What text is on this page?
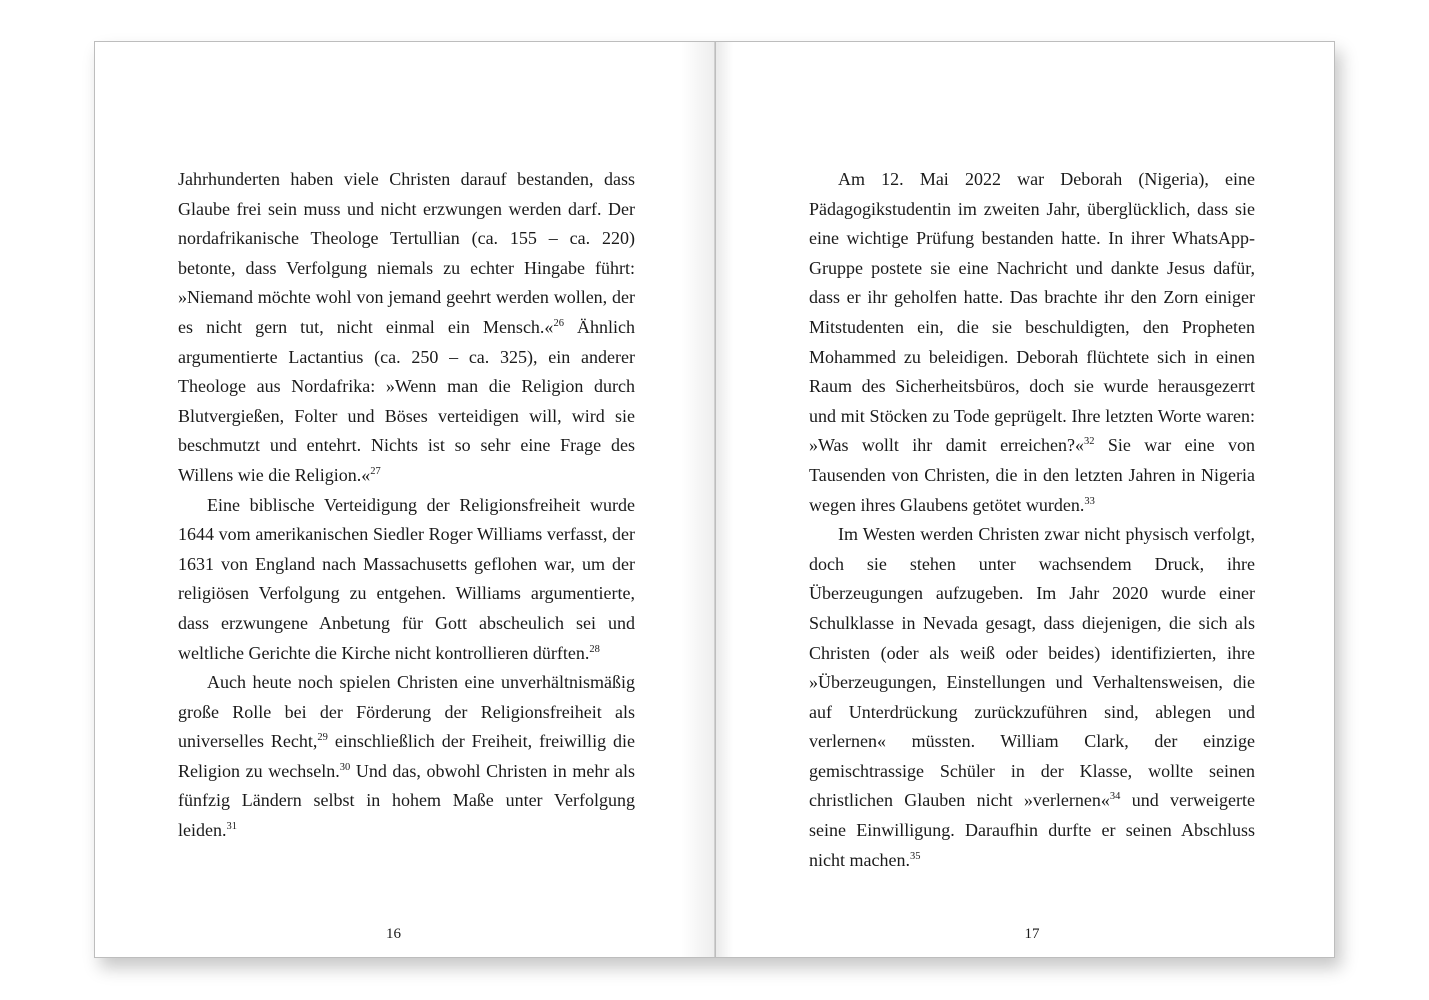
Jahrhunderten haben viele Christen darauf bestanden, dass Glaube frei sein muss und nicht erzwungen werden darf. Der nordafrikanische Theologe Tertullian (ca. 155 – ca. 220) betonte, dass Verfolgung niemals zu echter Hingabe führt: »Niemand möchte wohl von jemand geehrt werden wollen, der es nicht gern tut, nicht einmal ein Mensch.«$^{26}$ Ähnlich argumentierte Lactantius (ca. 250 – ca. 325), ein anderer Theologe aus Nordafrika: »Wenn man die Religion durch Blutvergießen, Folter und Böses verteidigen will, wird sie beschmutzt und entehrt. Nichts ist so sehr eine Frage des Willens wie die Religion.«$^{27}$

Eine biblische Verteidigung der Religionsfreiheit wurde 1644 vom amerikanischen Siedler Roger Williams verfasst, der 1631 von England nach Massachusetts geflohen war, um der religiösen Verfolgung zu entgehen. Williams argumentierte, dass erzwungene Anbetung für Gott abscheulich sei und weltliche Gerichte die Kirche nicht kontrollieren dürften.$^{28}$

Auch heute noch spielen Christen eine unverhältnismäßig große Rolle bei der Förderung der Religionsfreiheit als universelles Recht,$^{29}$ einschließlich der Freiheit, freiwillig die Religion zu wechseln.$^{30}$ Und das, obwohl Christen in mehr als fünfzig Ländern selbst in hohem Maße unter Verfolgung leiden.$^{31}$

16

Am 12. Mai 2022 war Deborah (Nigeria), eine Pädagogikstudentin im zweiten Jahr, überglücklich, dass sie eine wichtige Prüfung bestanden hatte. In ihrer WhatsApp-Gruppe postete sie eine Nachricht und dankte Jesus dafür, dass er ihr geholfen hatte. Das brachte ihr den Zorn einiger Mitstudenten ein, die sie beschuldigten, den Propheten Mohammed zu beleidigen. Deborah flüchtete sich in einen Raum des Sicherheitsbüros, doch sie wurde herausgezerrt und mit Stöcken zu Tode geprügelt. Ihre letzten Worte waren: »Was wollt ihr damit erreichen?«$^{32}$ Sie war eine von Tausenden von Christen, die in den letzten Jahren in Nigeria wegen ihres Glaubens getötet wurden.$^{33}$

Im Westen werden Christen zwar nicht physisch verfolgt, doch sie stehen unter wachsendem Druck, ihre Überzeugungen aufzugeben. Im Jahr 2020 wurde einer Schulklasse in Nevada gesagt, dass diejenigen, die sich als Christen (oder als weiß oder beides) identifizierten, ihre »Überzeugungen, Einstellungen und Verhaltensweisen, die auf Unterdrückung zurückzuführen sind, ablegen und verlernen« müssten. William Clark, der einzige gemischtrassige Schüler in der Klasse, wollte seinen christlichen Glauben nicht »verlernen«$^{34}$ und verweigerte seine Einwilligung. Daraufhin durfte er seinen Abschluss nicht machen.$^{35}$

17
